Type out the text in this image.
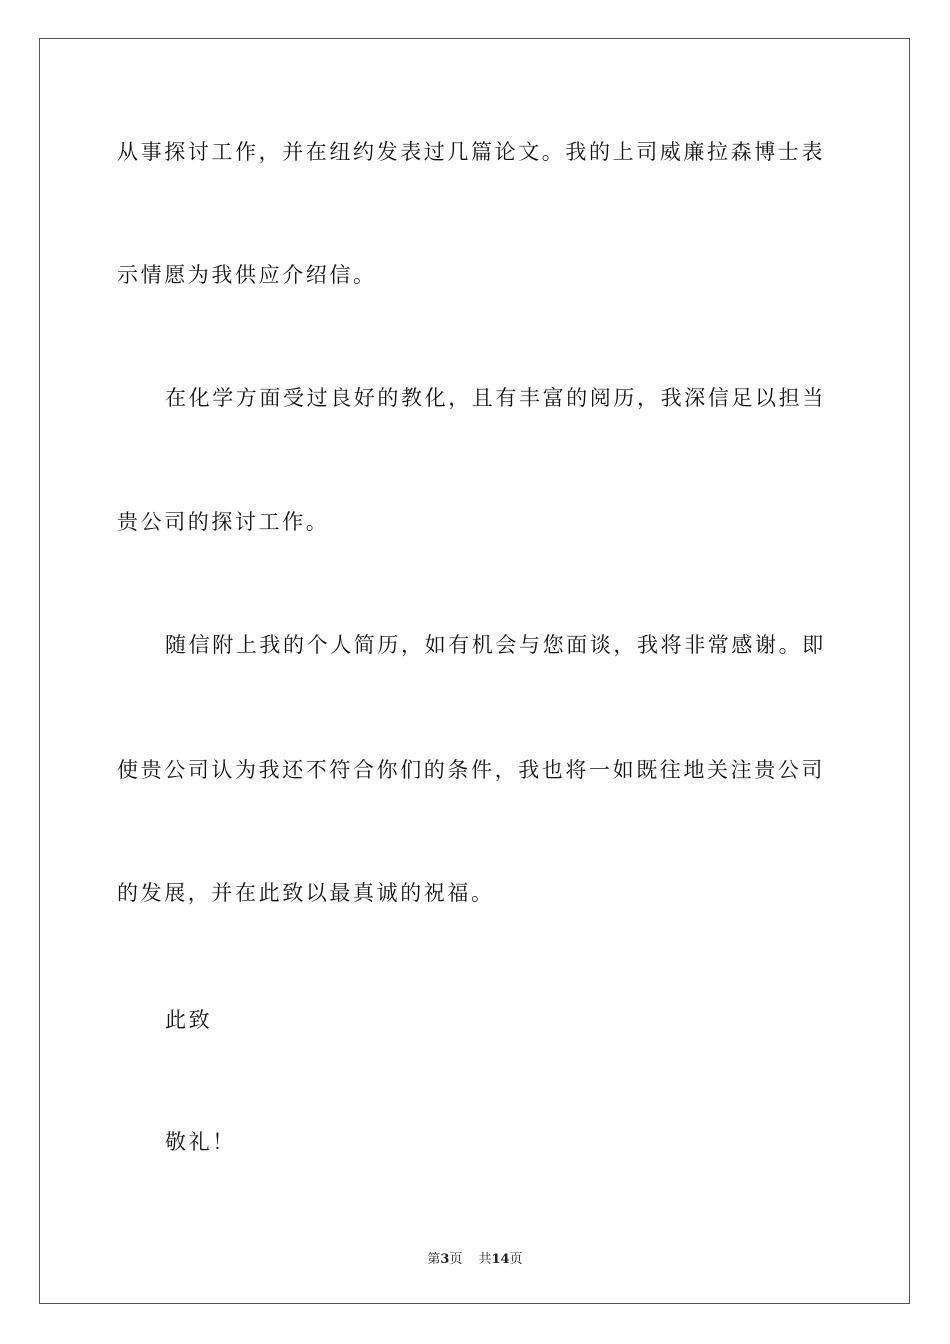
从事探讨工作，并在纽约发表过几篇论文。我的上司威廉拉森博士表
示情愿为我供应介绍信。
在化学方面受过良好的教化，且有丰富的阅历，我深信足以担当
贵公司的探讨工作。
随信附上我的个人简历，如有机会与您面谈，我将非常感谢。即
使贵公司认为我还不符合你们的条件，我也将一如既往地关注贵公司
的发展，并在此致以最真诚的祝福。
此致
敬礼！
第3页 共14页
